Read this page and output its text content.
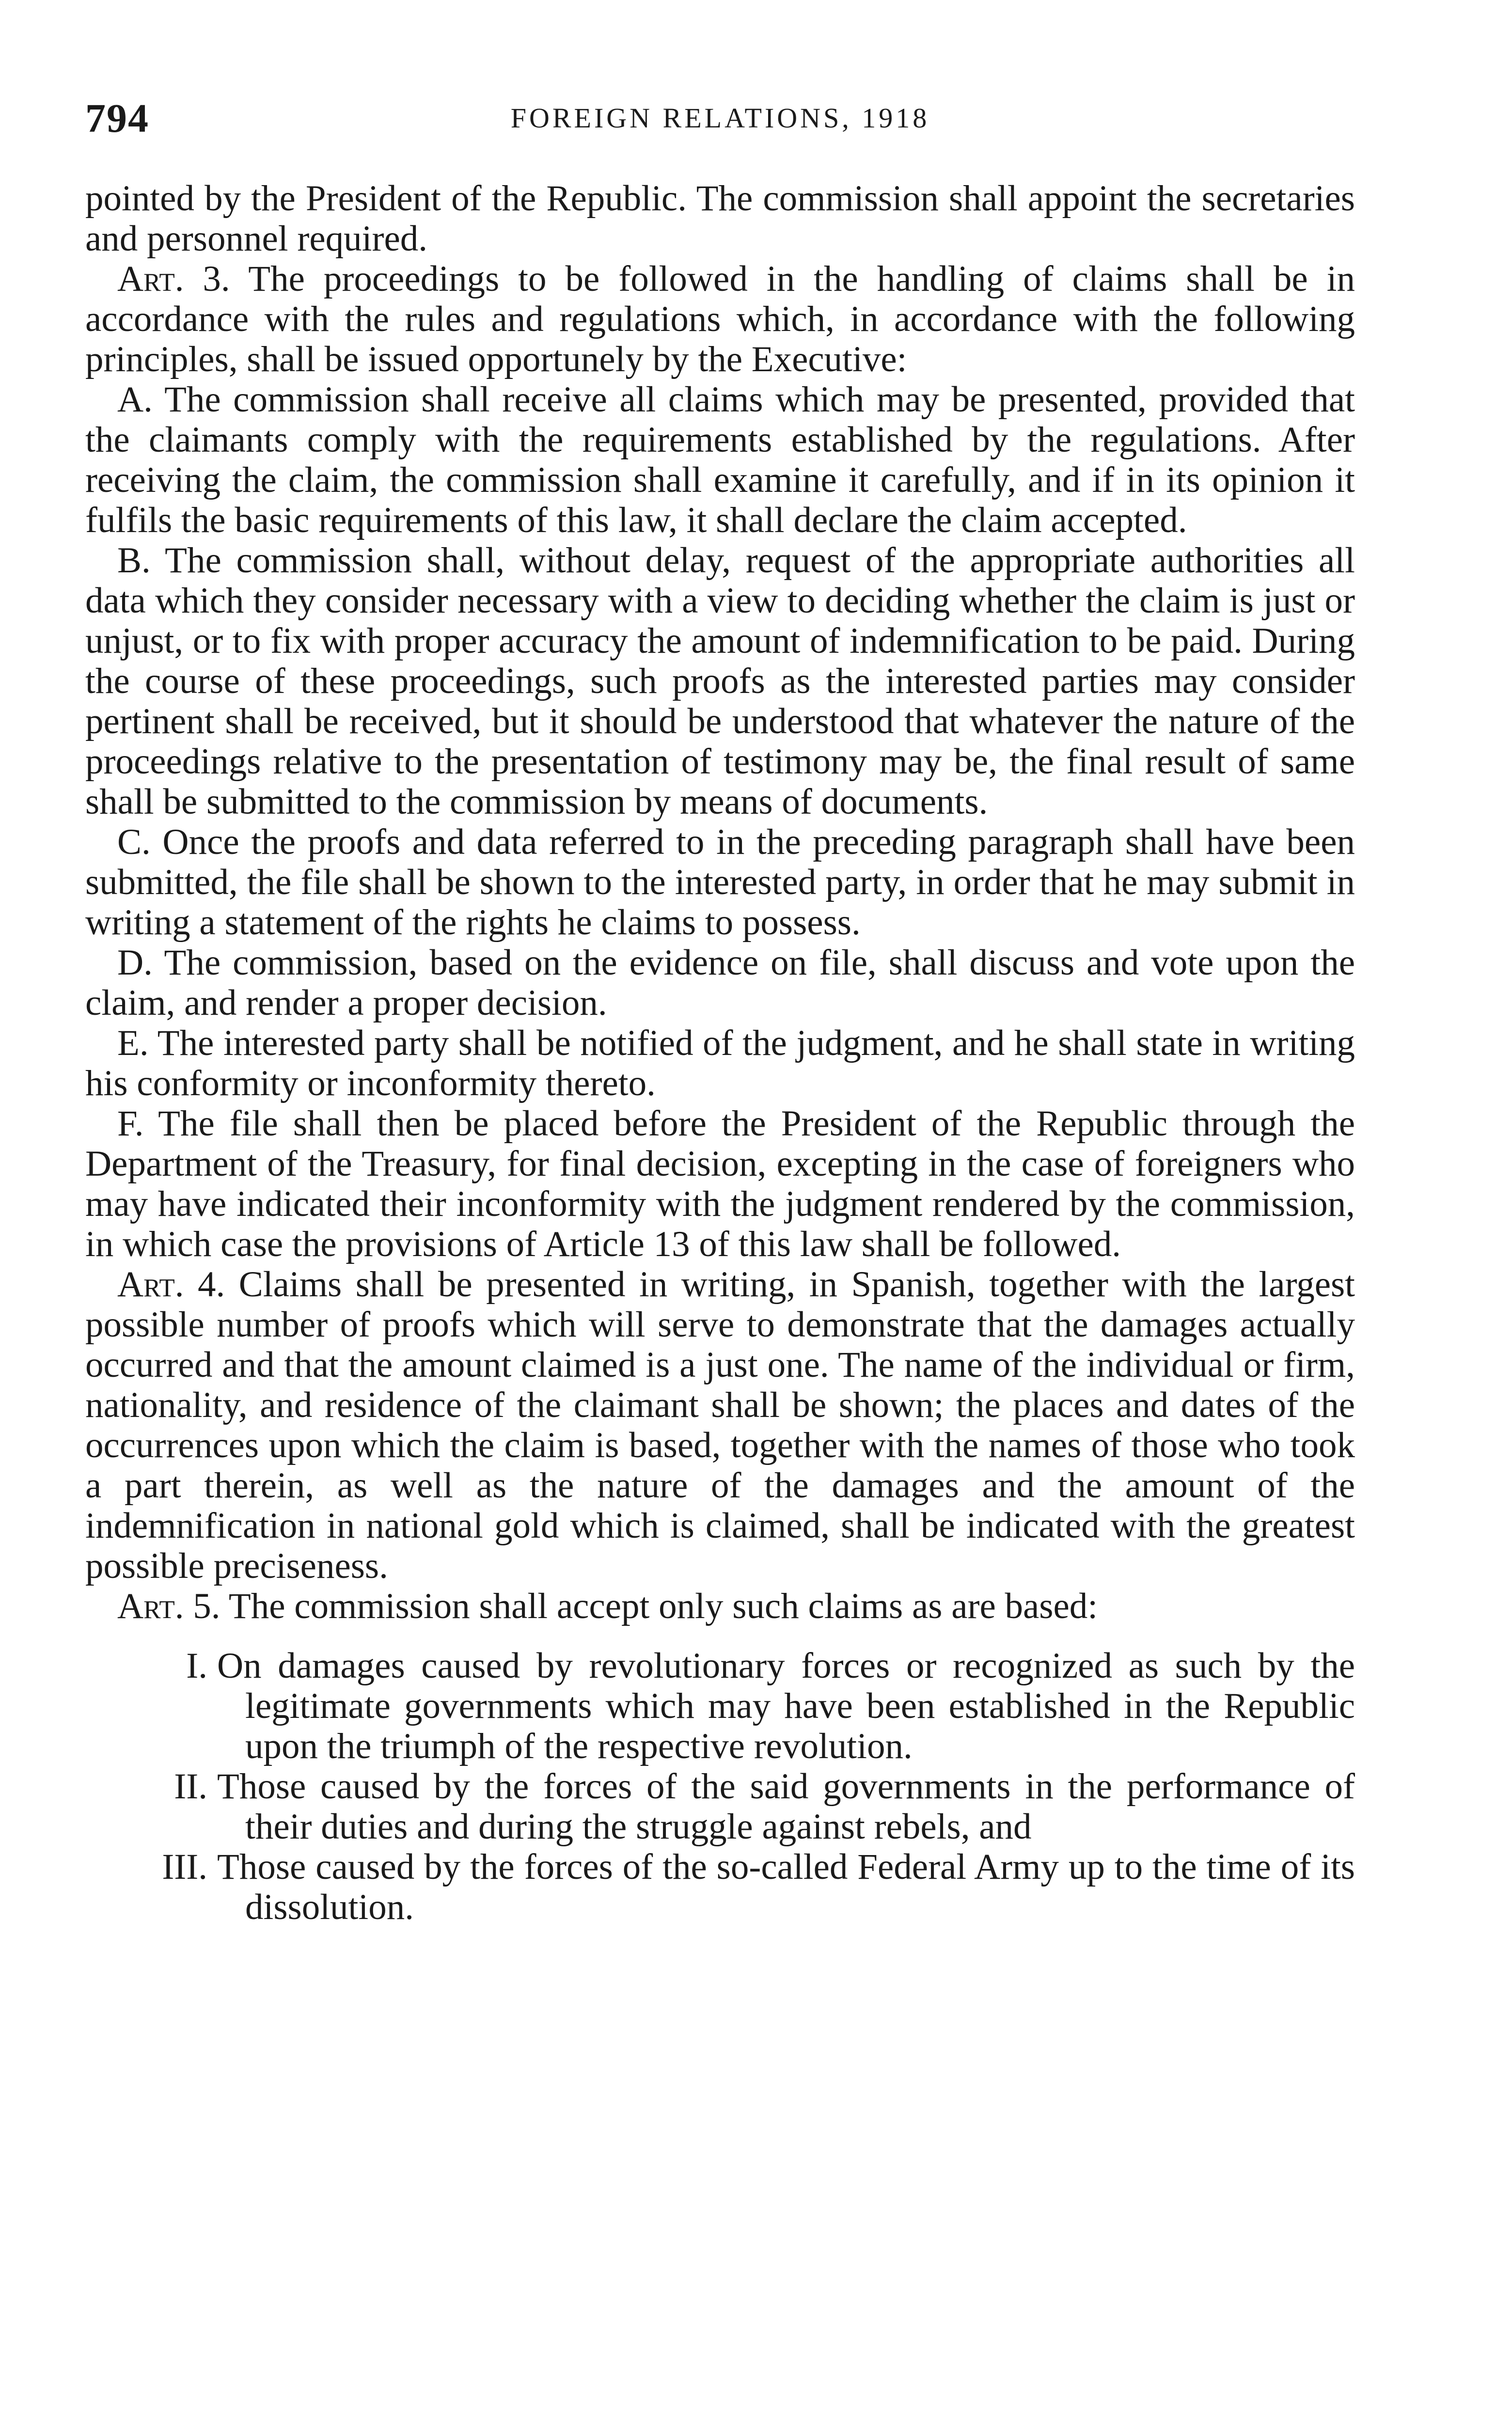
794	FOREIGN RELATIONS, 1918

pointed by the President of the Republic. The commission shall appoint the secretaries and personnel required.

Art. 3. The proceedings to be followed in the handling of claims shall be in accordance with the rules and regulations which, in accordance with the following principles, shall be issued opportunely by the Executive:

A. The commission shall receive all claims which may be presented, provided that the claimants comply with the requirements established by the regulations. After receiving the claim, the commission shall examine it carefully, and if in its opinion it fulfils the basic requirements of this law, it shall declare the claim accepted.

B. The commission shall, without delay, request of the appropriate authorities all data which they consider necessary with a view to deciding whether the claim is just or unjust, or to fix with proper accuracy the amount of indemnification to be paid. During the course of these proceedings, such proofs as the interested parties may consider pertinent shall be received, but it should be understood that whatever the nature of the proceedings relative to the presentation of testimony may be, the final result of same shall be submitted to the commission by means of documents.

C. Once the proofs and data referred to in the preceding paragraph shall have been submitted, the file shall be shown to the interested party, in order that he may submit in writing a statement of the rights he claims to possess.

D. The commission, based on the evidence on file, shall discuss and vote upon the claim, and render a proper decision.

E. The interested party shall be notified of the judgment, and he shall state in writing his conformity or inconformity thereto.

F. The file shall then be placed before the President of the Republic through the Department of the Treasury, for final decision, excepting in the case of foreigners who may have indicated their inconformity with the judgment rendered by the commission, in which case the provisions of Article 13 of this law shall be followed.

Art. 4. Claims shall be presented in writing, in Spanish, together with the largest possible number of proofs which will serve to demonstrate that the damages actually occurred and that the amount claimed is a just one. The name of the individual or firm, nationality, and residence of the claimant shall be shown; the places and dates of the occurrences upon which the claim is based, together with the names of those who took a part therein, as well as the nature of the damages and the amount of the indemnification in national gold which is claimed, shall be indicated with the greatest possible preciseness.

Art. 5. The commission shall accept only such claims as are based:

I. On damages caused by revolutionary forces or recognized as such by the legitimate governments which may have been established in the Republic upon the triumph of the respective revolution.
II. Those caused by the forces of the said governments in the performance of their duties and during the struggle against rebels, and
III. Those caused by the forces of the so-called Federal Army up to the time of its dissolution.
